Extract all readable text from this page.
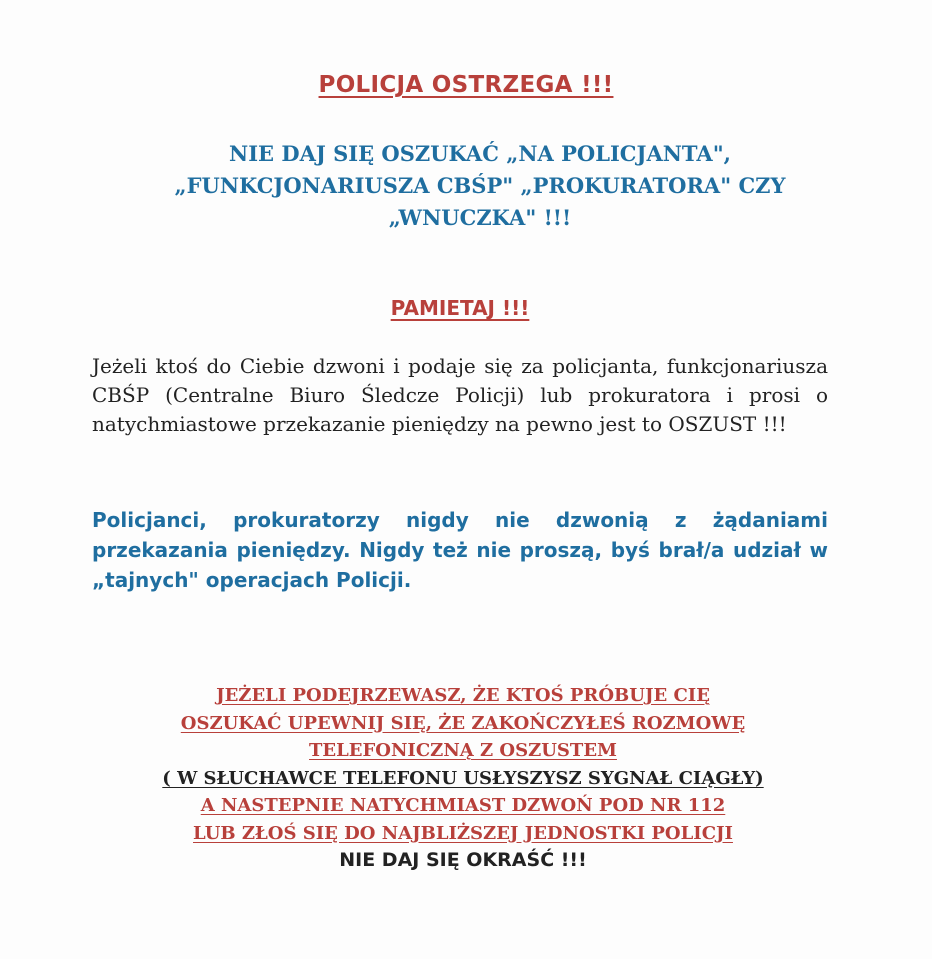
POLICJA OSTRZEGA !!!
NIE DAJ SIĘ OSZUKAĆ „NA POLICJANTA",
„FUNKCJONARIUSZA CBŚP" „PROKURATORA" CZY
„WNUCZKA" !!!
PAMIETAJ !!!
Jeżeli ktoś do Ciebie dzwoni i podaje się za policjanta, funkcjonariusza CBŚP (Centralne Biuro Śledcze Policji) lub prokuratora i prosi o natychmiastowe przekazanie pieniędzy na pewno jest to OSZUST !!!
Policjanci, prokuratorzy nigdy nie dzwonią z żądaniami przekazania pieniędzy. Nigdy też nie proszą, byś brał/a udział w „tajnych" operacjach Policji.
JEŻELI PODEJRZEWASZ, ŻE KTOŚ PRÓBUJE CIĘ
OSZUKAĆ UPEWNIJ SIĘ, ŻE ZAKOŃCZYŁEŚ ROZMOWĘ
TELEFONICZNĄ Z OSZUSTEM
( W SŁUCHAWCE TELEFONU USŁYSZYSZ SYGNAŁ CIĄGŁY)
A NASTEPNIE NATYCHMIAST DZWOŃ POD NR 112
LUB ZŁOŚ SIĘ DO NAJBLIŻSZEJ JEDNOSTKI POLICJI
NIE DAJ SIĘ OKRAŚĆ !!!
